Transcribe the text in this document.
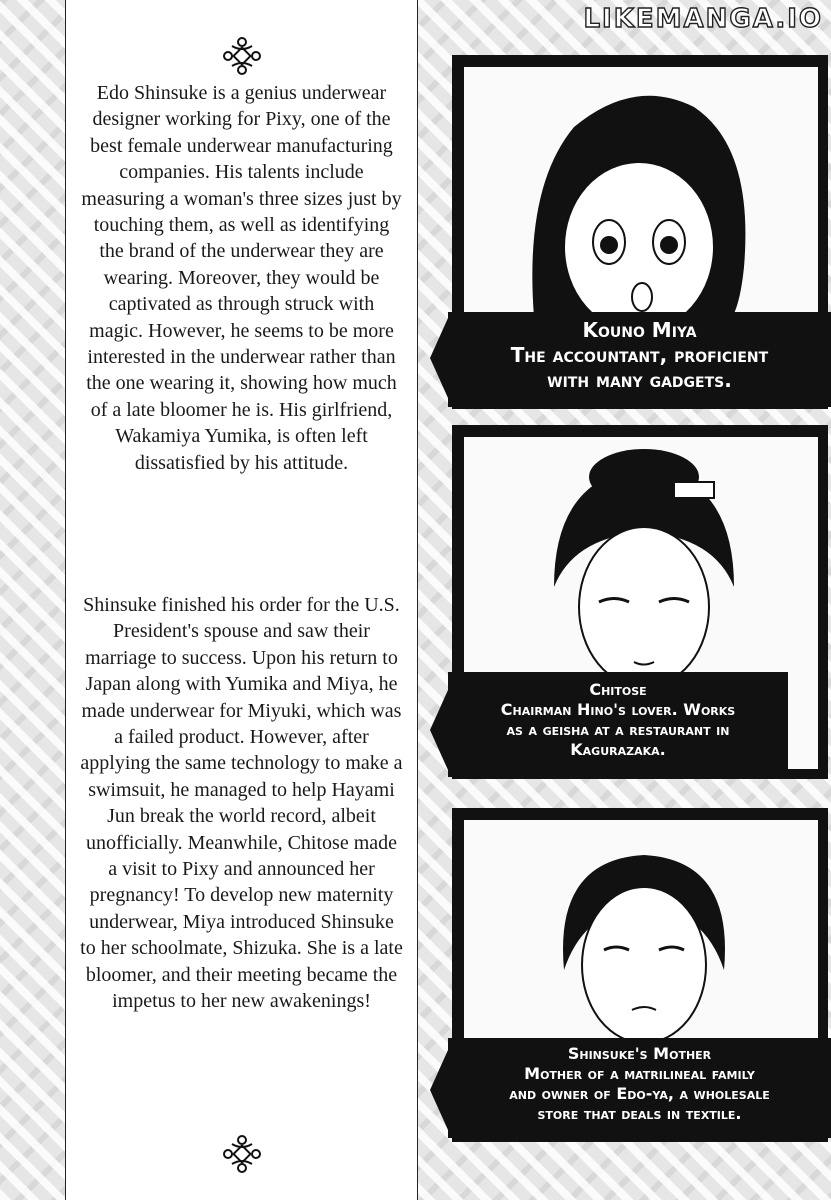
LIKEMANGA.IO

Edo Shinsuke is a genius underwear designer working for Pixy, one of the best female underwear manufacturing companies. His talents include measuring a woman's three sizes just by touching them, as well as identifying the brand of the underwear they are wearing. Moreover, they would be captivated as through struck with magic. However, he seems to be more interested in the underwear rather than the one wearing it, showing how much of a late bloomer he is. His girlfriend, Wakamiya Yumika, is often left dissatisfied by his attitude.

Shinsuke finished his order for the U.S. President's spouse and saw their marriage to success. Upon his return to Japan along with Yumika and Miya, he made underwear for Miyuki, which was a failed product. However, after applying the same technology to make a swimsuit, he managed to help Hayami Jun break the world record, albeit unofficially. Meanwhile, Chitose made a visit to Pixy and announced her pregnancy! To develop new maternity underwear, Miya introduced Shinsuke to her schoolmate, Shizuka. She is a late bloomer, and their meeting became the impetus to her new awakenings!

Kouno Miya
The accountant, proficient
with many gadgets.
Chitose
Chairman Hino's lover. Works
as a geisha at a restaurant in
Kagurazaka.
Shinsuke's Mother
Mother of a matrilineal family
and owner of Edo-ya, a wholesale
store that deals in textile.
